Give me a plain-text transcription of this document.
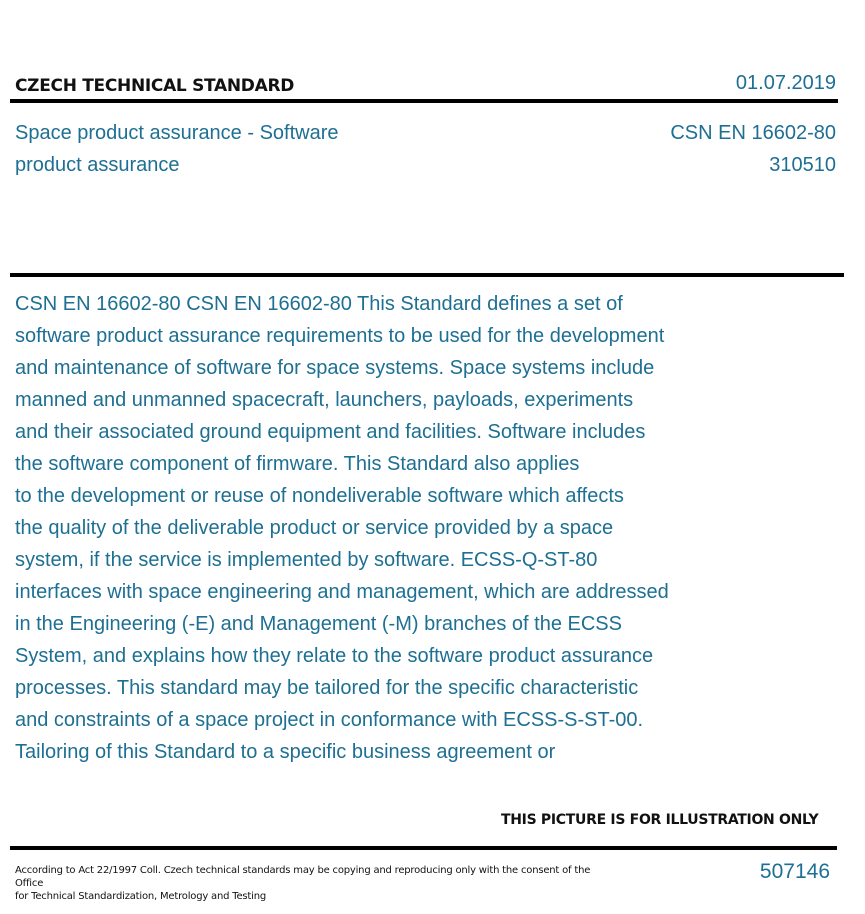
CZECH TECHNICAL STANDARD	01.07.2019
Space product assurance - Software
product assurance
CSN EN 16602-80
310510
CSN EN 16602-80 CSN EN 16602-80 This Standard defines a set of
software product assurance requirements to be used for the development
and maintenance of software for space systems. Space systems include
manned and unmanned spacecraft, launchers, payloads, experiments
and their associated ground equipment and facilities. Software includes
the software component of firmware. This Standard also applies
to the development or reuse of nondeliverable software which affects
the quality of the deliverable product or service provided by a space
system, if the service is implemented by software. ECSS-Q-ST-80
interfaces with space engineering and management, which are addressed
in the Engineering (-E) and Management (-M) branches of the ECSS
System, and explains how they relate to the software product assurance
processes. This standard may be tailored for the specific characteristic
and constraints of a space project in conformance with ECSS-S-ST-00.
Tailoring of this Standard to a specific business agreement or
THIS PICTURE IS FOR ILLUSTRATION ONLY
According to Act 22/1997 Coll. Czech technical standards may be copying and reproducing only with the consent of the Office
for Technical Standardization, Metrology and Testing
507146
